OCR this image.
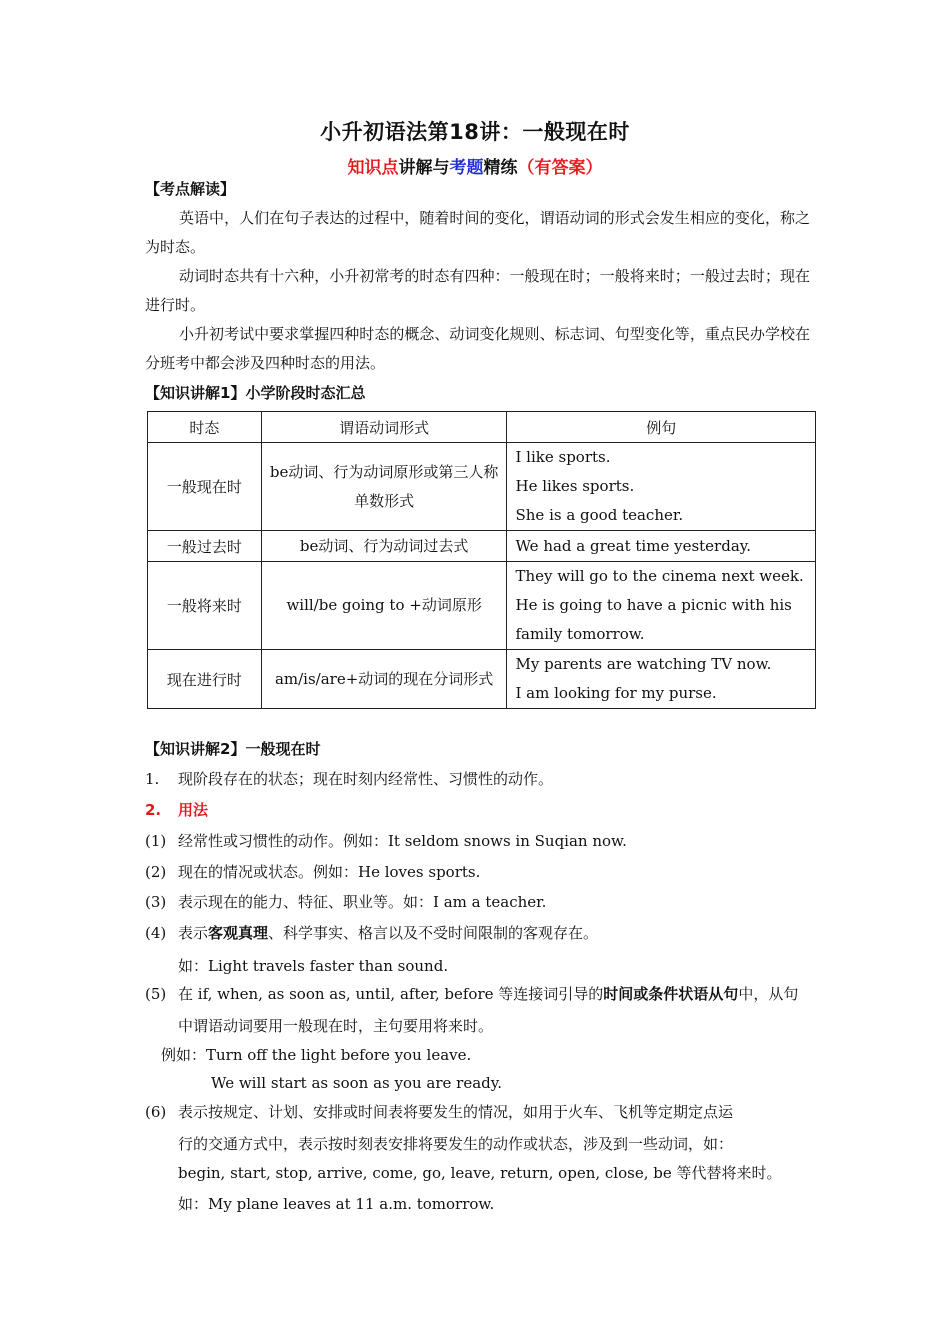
小升初语法第18讲：一般现在时
知识点讲解与考题精练（有答案）
【考点解读】
英语中，人们在句子表达的过程中，随着时间的变化，谓语动词的形式会发生相应的变化，称之为时态。
动词时态共有十六种，小升初常考的时态有四种：一般现在时；一般将来时；一般过去时；现在进行时。
小升初考试中要求掌握四种时态的概念、动词变化规则、标志词、句型变化等，重点民办学校在分班考中都会涉及四种时态的用法。
【知识讲解1】小学阶段时态汇总
时态	谓语动词形式	例句
一般现在时	be动词、行为动词原形或第三人称单数形式	I like sports.
He likes sports.
She is a good teacher.

一般过去时	be动词、行为动词过去式	We had a great time yesterday.

一般将来时	will/be going to +动词原形	They will go to the cinema next week.
He is going to have a picnic with his
family tomorrow.

现在进行时	am/is/are+动词的现在分词形式	My parents are watching TV now.
I am looking for my purse.
【知识讲解2】一般现在时
1.	现阶段存在的状态；现在时刻内经常性、习惯性的动作。
2.	用法
(1) 经常性或习惯性的动作。例如：It seldom snows in Suqian now.
(2) 现在的情况或状态。例如：He loves sports.
(3) 表示现在的能力、特征、职业等。如：I am a teacher.
(4) 表示客观真理、科学事实、格言以及不受时间限制的客观存在。
如：Light travels faster than sound.
(5) 在 if, when, as soon as, until, after, before 等连接词引导的时间或条件状语从句中，从句
中谓语动词要用一般现在时，主句要用将来时。
例如：Turn off the light before you leave.
We will start as soon as you are ready.
(6) 表示按规定、计划、安排或时间表将要发生的情况，如用于火车、飞机等定期定点运
行的交通方式中，表示按时刻表安排将要发生的动作或状态，涉及到一些动词，如：
begin, start, stop, arrive, come, go, leave, return, open, close, be 等代替将来时。
如：My plane leaves at 11 a.m. tomorrow.
